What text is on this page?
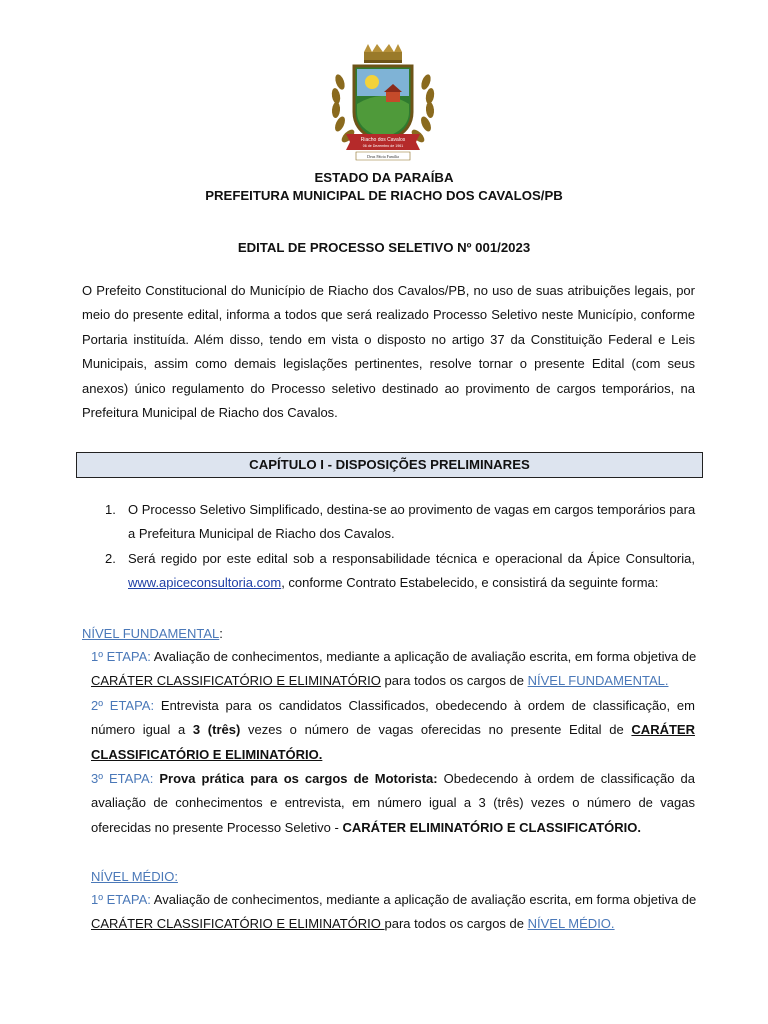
Riacho dos Cavalos
06 de Dezembro de 1961
Deus Pátria Família
ESTADO DA PARAÍBA
PREFEITURA MUNICIPAL DE RIACHO DOS CAVALOS/PB
EDITAL DE PROCESSO SELETIVO Nº 001/2023
O Prefeito Constitucional do Município de Riacho dos Cavalos/PB, no uso de suas atribuições legais, por
meio do presente edital, informa a todos que será realizado Processo Seletivo neste Município, conforme
Portaria instituída. Além disso, tendo em vista o disposto no artigo 37 da Constituição Federal e Leis
Municipais, assim como demais legislações pertinentes, resolve tornar o presente Edital (com seus
anexos) único regulamento do Processo seletivo destinado ao provimento de cargos temporários, na
Prefeitura Municipal de Riacho dos Cavalos.
CAPÍTULO I - DISPOSIÇÕES PRELIMINARES
1. O Processo Seletivo Simplificado, destina-se ao provimento de vagas em cargos temporários para
a Prefeitura Municipal de Riacho dos Cavalos.
2. Será regido por este edital sob a responsabilidade técnica e operacional da Ápice Consultoria,
www.apiceconsultoria.com, conforme Contrato Estabelecido, e consistirá da seguinte forma:
NÍVEL FUNDAMENTAL:
1º ETAPA: Avaliação de conhecimentos, mediante a aplicação de avaliação escrita, em forma objetiva de
CARÁTER CLASSIFICATÓRIO E ELIMINATÓRIO para todos os cargos de NÍVEL FUNDAMENTAL.
2º ETAPA: Entrevista para os candidatos Classificados, obedecendo à ordem de classificação, em
número igual a 3 (três) vezes o número de vagas oferecidas no presente Edital de CARÁTER
CLASSIFICATÓRIO E ELIMINATÓRIO.
3º ETAPA: Prova prática para os cargos de Motorista: Obedecendo à ordem de classificação da
avaliação de conhecimentos e entrevista, em número igual a 3 (três) vezes o número de vagas
oferecidas no presente Processo Seletivo - CARÁTER ELIMINATÓRIO E CLASSIFICATÓRIO.
NÍVEL MÉDIO:
1º ETAPA: Avaliação de conhecimentos, mediante a aplicação de avaliação escrita, em forma objetiva de
CARÁTER CLASSIFICATÓRIO E ELIMINATÓRIO para todos os cargos de NÍVEL MÉDIO.
